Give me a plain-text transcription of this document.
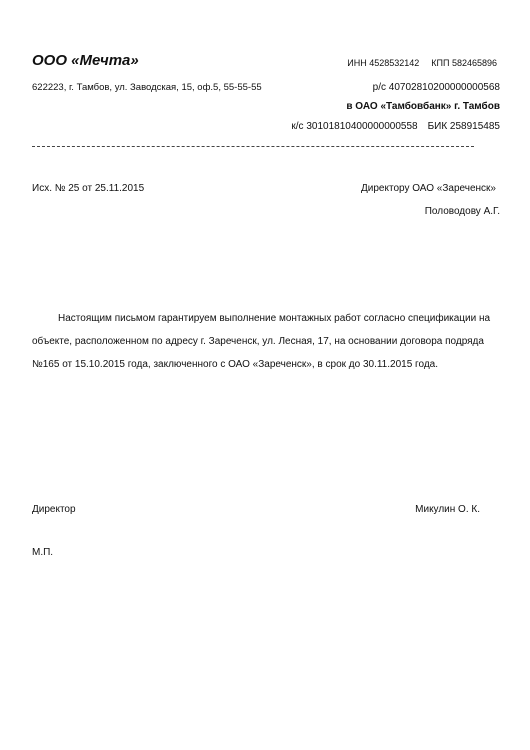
ООО «Мечта»
622223, г. Тамбов, ул. Заводская, 15, оф.5, 55-55-55
ИНН 4528532142 КПП 582465896
р/с 40702810200000000568
в ОАО «Тамбовбанк» г. Тамбов
к/с 30101810400000000558 БИК 258915485
Исх. № 25 от 25.11.2015	Директору ОАО «Зареченск»
Половодову А.Г.

Настоящим письмом гарантируем выполнение монтажных работ согласно спецификации на

объекте, расположенном по адресу г. Зареченск, ул. Лесная, 17, на основании договора подряда

№165 от 15.10.2015 года, заключенного с ОАО «Зареченск», в срок до 30.11.2015 года.

Директор	Микулин О. К.
М.П.
